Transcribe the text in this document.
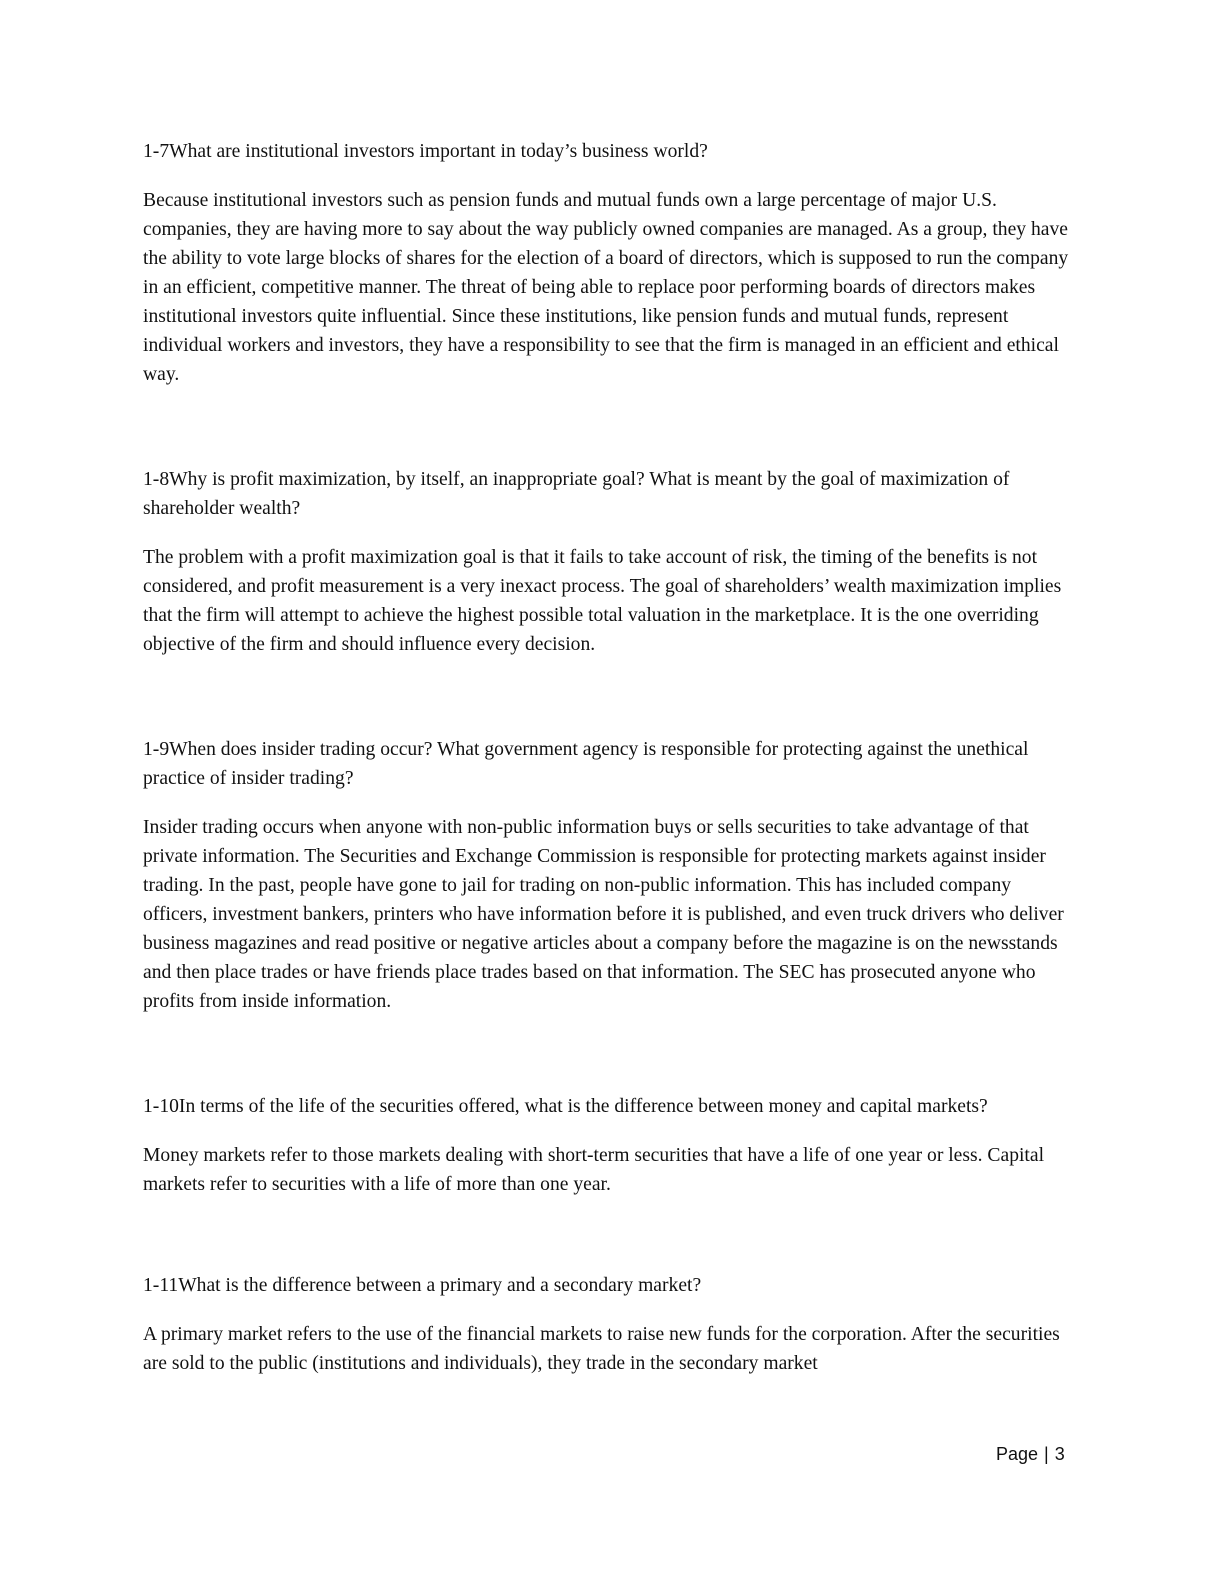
1-7What are institutional investors important in today’s business world?

Because institutional investors such as pension funds and mutual funds own a large percentage of major U.S. companies, they are having more to say about the way publicly owned companies are managed. As a group, they have the ability to vote large blocks of shares for the election of a board of directors, which is supposed to run the company in an efficient, competitive manner. The threat of being able to replace poor performing boards of directors makes institutional investors quite influential. Since these institutions, like pension funds and mutual funds, represent individual workers and investors, they have a responsibility to see that the firm is managed in an efficient and ethical way.

1-8Why is profit maximization, by itself, an inappropriate goal? What is meant by the goal of maximization of shareholder wealth?

The problem with a profit maximization goal is that it fails to take account of risk, the timing of the benefits is not considered, and profit measurement is a very inexact process. The goal of shareholders’ wealth maximization implies that the firm will attempt to achieve the highest possible total valuation in the marketplace. It is the one overriding objective of the firm and should influence every decision.

1-9When does insider trading occur? What government agency is responsible for protecting against the unethical practice of insider trading?

Insider trading occurs when anyone with non-public information buys or sells securities to take advantage of that private information. The Securities and Exchange Commission is responsible for protecting markets against insider trading. In the past, people have gone to jail for trading on non-public information. This has included company officers, investment bankers, printers who have information before it is published, and even truck drivers who deliver business magazines and read positive or negative articles about a company before the magazine is on the newsstands and then place trades or have friends place trades based on that information. The SEC has prosecuted anyone who profits from inside information.

1-10In terms of the life of the securities offered, what is the difference between money and capital markets?

Money markets refer to those markets dealing with short-term securities that have a life of one year or less. Capital markets refer to securities with a life of more than one year.

1-11What is the difference between a primary and a secondary market?

A primary market refers to the use of the financial markets to raise new funds for the corporation. After the securities are sold to the public (institutions and individuals), they trade in the secondary market

Page | 3
